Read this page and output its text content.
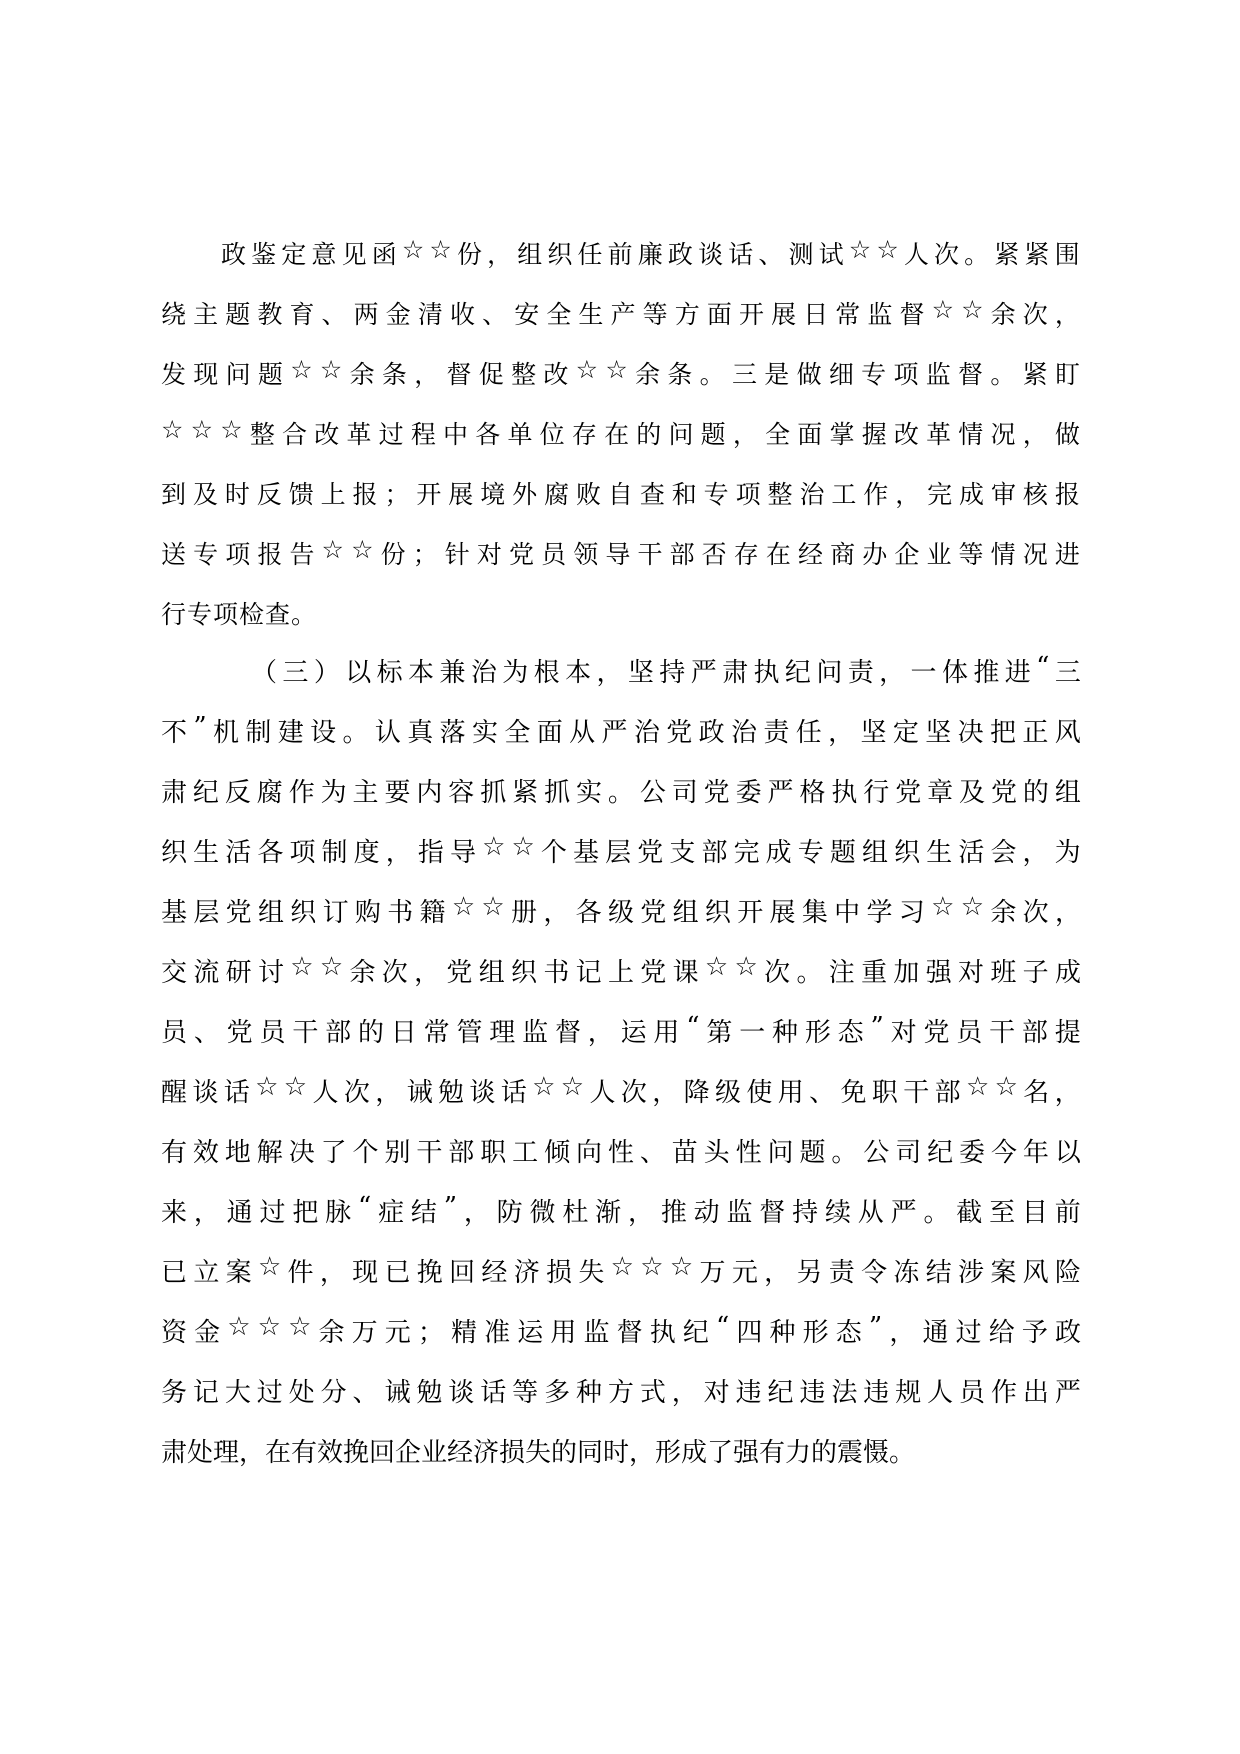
政 鉴 定 意 见 函 ☆ ☆ 份 ， 组 织 任 前 廉 政 谈 话 、 测 试 ☆ ☆ 人 次 。 紧 紧 围
绕 主 题 教 育 、 两 金 清 收 、 安 全 生 产 等 方 面 开 展 日 常 监 督 ☆ ☆ 余 次 ，
发 现 问 题 ☆ ☆ 余 条 ， 督 促 整 改 ☆ ☆ 余 条 。 三 是 做 细 专 项 监 督 。 紧 盯
☆ ☆ ☆ 整 合 改 革 过 程 中 各 单 位 存 在 的 问 题 ， 全 面 掌 握 改 革 情 况 ， 做
到 及 时 反 馈 上 报 ； 开 展 境 外 腐 败 自 查 和 专 项 整 治 工 作 ， 完 成 审 核 报
送 专 项 报 告 ☆ ☆ 份 ； 针 对 党 员 领 导 干 部 否 存 在 经 商 办 企 业 等 情 况 进
行专项检查。
（ 三 ） 以 标 本 兼 治 为 根 本 ， 坚 持 严 肃 执 纪 问 责 ， 一 体 推 进 “ 三
不 ” 机 制 建 设 。 认 真 落 实 全 面 从 严 治 党 政 治 责 任 ， 坚 定 坚 决 把 正 风
肃 纪 反 腐 作 为 主 要 内 容 抓 紧 抓 实 。 公 司 党 委 严 格 执 行 党 章 及 党 的 组
织 生 活 各 项 制 度 ， 指 导 ☆ ☆ 个 基 层 党 支 部 完 成 专 题 组 织 生 活 会 ， 为
基 层 党 组 织 订 购 书 籍 ☆ ☆ 册 ， 各 级 党 组 织 开 展 集 中 学 习 ☆ ☆ 余 次 ，
交 流 研 讨 ☆ ☆ 余 次 ， 党 组 织 书 记 上 党 课 ☆ ☆ 次 。 注 重 加 强 对 班 子 成
员 、 党 员 干 部 的 日 常 管 理 监 督 ， 运 用 “ 第 一 种 形 态 ” 对 党 员 干 部 提
醒 谈 话 ☆ ☆ 人 次 ， 诫 勉 谈 话 ☆ ☆ 人 次 ， 降 级 使 用 、 免 职 干 部 ☆ ☆ 名 ，
有 效 地 解 决 了 个 别 干 部 职 工 倾 向 性 、 苗 头 性 问 题 。 公 司 纪 委 今 年 以
来 ， 通 过 把 脉 “ 症 结 ” ， 防 微 杜 渐 ， 推 动 监 督 持 续 从 严 。 截 至 目 前
已 立 案 ☆ 件 ， 现 已 挽 回 经 济 损 失 ☆ ☆ ☆ 万 元 ， 另 责 令 冻 结 涉 案 风 险
资 金 ☆ ☆ ☆ 余 万 元 ； 精 准 运 用 监 督 执 纪 “ 四 种 形 态 ” ， 通 过 给 予 政
务 记 大 过 处 分 、 诫 勉 谈 话 等 多 种 方 式 ， 对 违 纪 违 法 违 规 人 员 作 出 严
肃处理，在有效挽回企业经济损失的同时，形成了强有力的震慑。
